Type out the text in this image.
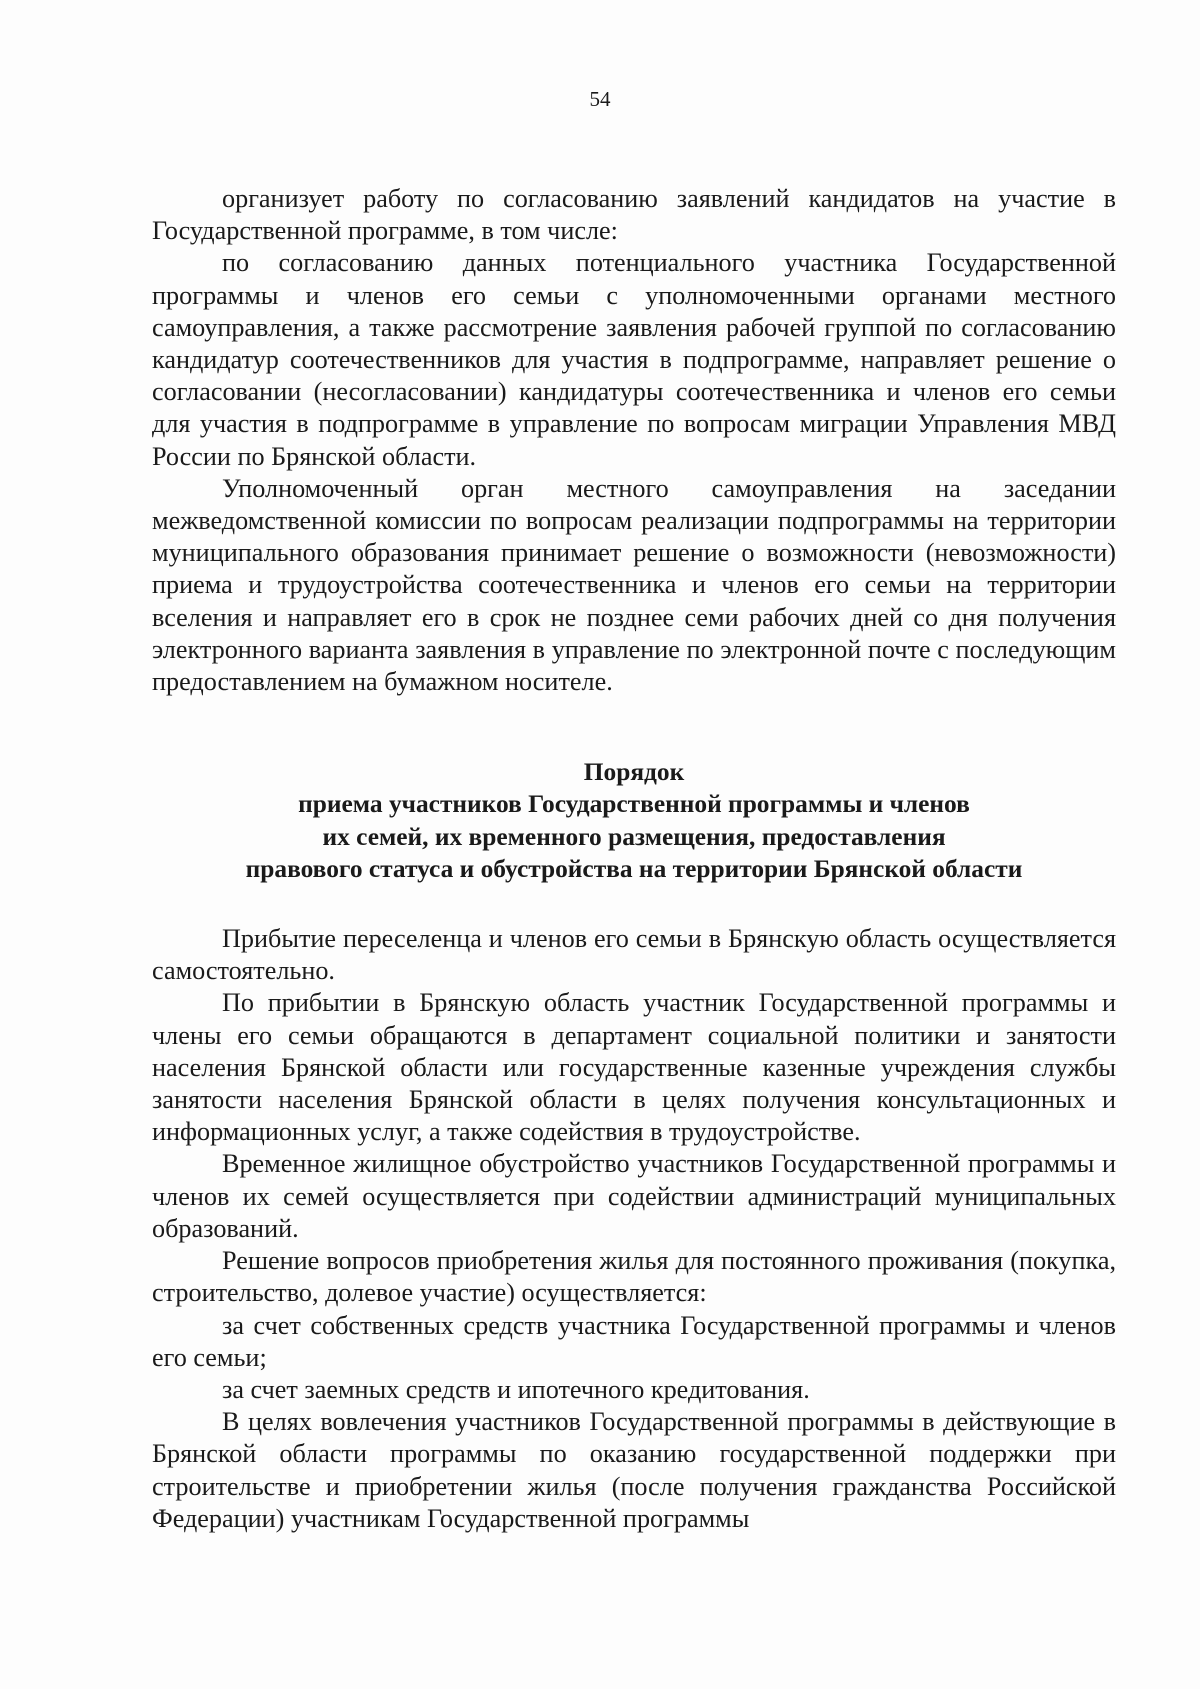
54

организует работу по согласованию заявлений кандидатов на участие в Государственной программе, в том числе:

по согласованию данных потенциального участника Государственной программы и членов его семьи с уполномоченными органами местного самоуправления, а также рассмотрение заявления рабочей группой по согласованию кандидатур соотечественников для участия в подпрограмме, направляет решение о согласовании (несогласовании) кандидатуры соотечественника и членов его семьи для участия в подпрограмме в управление по вопросам миграции Управления МВД России по Брянской области.

Уполномоченный орган местного самоуправления на заседании межведомственной комиссии по вопросам реализации подпрограммы на территории муниципального образования принимает решение о возможности (невозможности) приема и трудоустройства соотечественника и членов его семьи на территории вселения и направляет его в срок не позднее семи рабочих дней со дня получения электронного варианта заявления в управление по электронной почте с последующим предоставлением на бумажном носителе.

Порядок
приема участников Государственной программы и членов
их семей, их временного размещения, предоставления
правового статуса и обустройства на территории Брянской области

Прибытие переселенца и членов его семьи в Брянскую область осуществляется самостоятельно.

По прибытии в Брянскую область участник Государственной программы и члены его семьи обращаются в департамент социальной политики и занятости населения Брянской области или государственные казенные учреждения службы занятости населения Брянской области в целях получения консультационных и информационных услуг, а также содействия в трудоустройстве.

Временное жилищное обустройство участников Государственной программы и членов их семей осуществляется при содействии администраций муниципальных образований.

Решение вопросов приобретения жилья для постоянного проживания (покупка, строительство, долевое участие) осуществляется:

за счет собственных средств участника Государственной программы и членов его семьи;

за счет заемных средств и ипотечного кредитования.

В целях вовлечения участников Государственной программы в действующие в Брянской области программы по оказанию государственной поддержки при строительстве и приобретении жилья (после получения гражданства Российской Федерации) участникам Государственной программы
